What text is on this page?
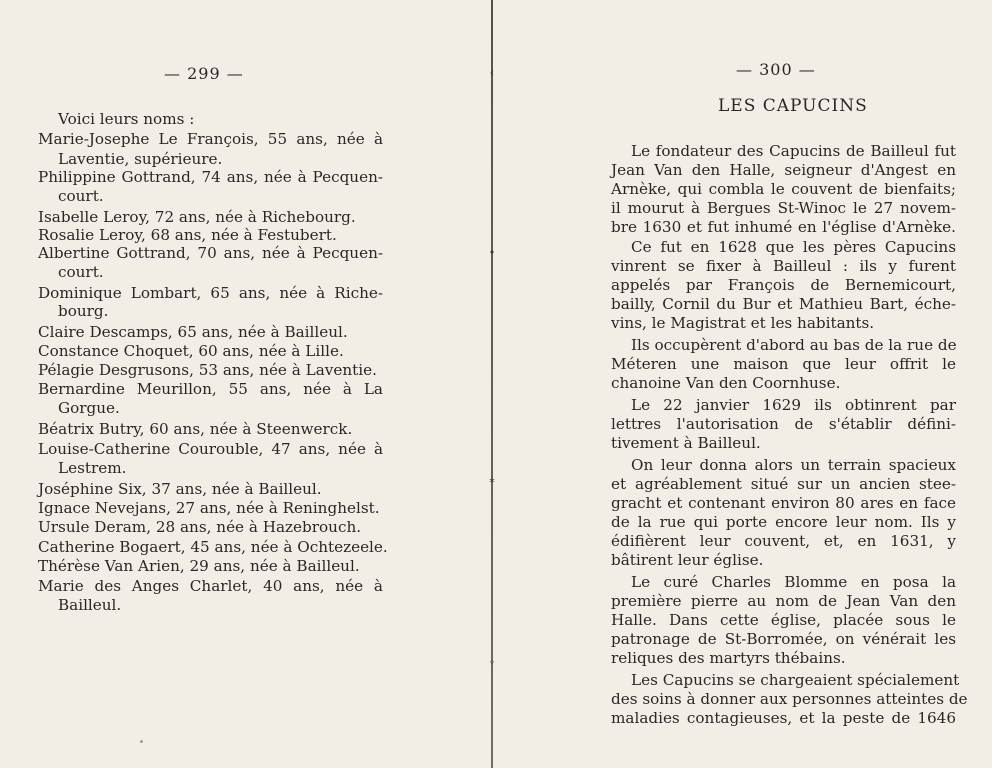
— 299 —
Voici leurs noms :
Marie-Josephe Le François, 55 ans, née à
Laventie, supérieure.
Philippine Gottrand, 74 ans, née à Pecquen-
court.
Isabelle Leroy, 72 ans, née à Richebourg.
Rosalie Leroy, 68 ans, née à Festubert.
Albertine Gottrand, 70 ans, née à Pecquen-
court.
Dominique Lombart, 65 ans, née à Riche-
bourg.
Claire Descamps, 65 ans, née à Bailleul.
Constance Choquet, 60 ans, née à Lille.
Pélagie Desgrusons, 53 ans, née à Laventie.
Bernardine Meurillon, 55 ans, née à La
Gorgue.
Béatrix Butry, 60 ans, née à Steenwerck.
Louise-Catherine Courouble, 47 ans, née à
Lestrem.
Joséphine Six, 37 ans, née à Bailleul.
Ignace Nevejans, 27 ans, née à Reninghelst.
Ursule Deram, 28 ans, née à Hazebrouch.
Catherine Bogaert, 45 ans, née à Ochtezeele.
Thérèse Van Arien, 29 ans, née à Bailleul.
Marie des Anges Charlet, 40 ans, née à
Bailleul.
‹
•
*
◦
— 300 —
LES CAPUCINS
Le fondateur des Capucins de Bailleul fut
Jean Van den Halle, seigneur d'Angest en
Arnèke, qui combla le couvent de bienfaits;
il mourut à Bergues St-Winoc le 27 novem-
bre 1630 et fut inhumé en l'église d'Arnèke.
Ce fut en 1628 que les pères Capucins
vinrent se fixer à Bailleul : ils y furent
appelés par François de Bernemicourt,
bailly, Cornil du Bur et Mathieu Bart, éche-
vins, le Magistrat et les habitants.
Ils occupèrent d'abord au bas de la rue de
Méteren une maison que leur offrit le
chanoine Van den Coornhuse.
Le 22 janvier 1629 ils obtinrent par
lettres l'autorisation de s'établir défini-
tivement à Bailleul.
On leur donna alors un terrain spacieux
et agréablement situé sur un ancien stee-
gracht et contenant environ 80 ares en face
de la rue qui porte encore leur nom. Ils y
édifièrent leur couvent, et, en 1631, y
bâtirent leur église.
Le curé Charles Blomme en posa la
première pierre au nom de Jean Van den
Halle. Dans cette église, placée sous le
patronage de St-Borromée, on vénérait les
reliques des martyrs thébains.
Les Capucins se chargeaient spécialement
des soins à donner aux personnes atteintes de
maladies contagieuses, et la peste de 1646
